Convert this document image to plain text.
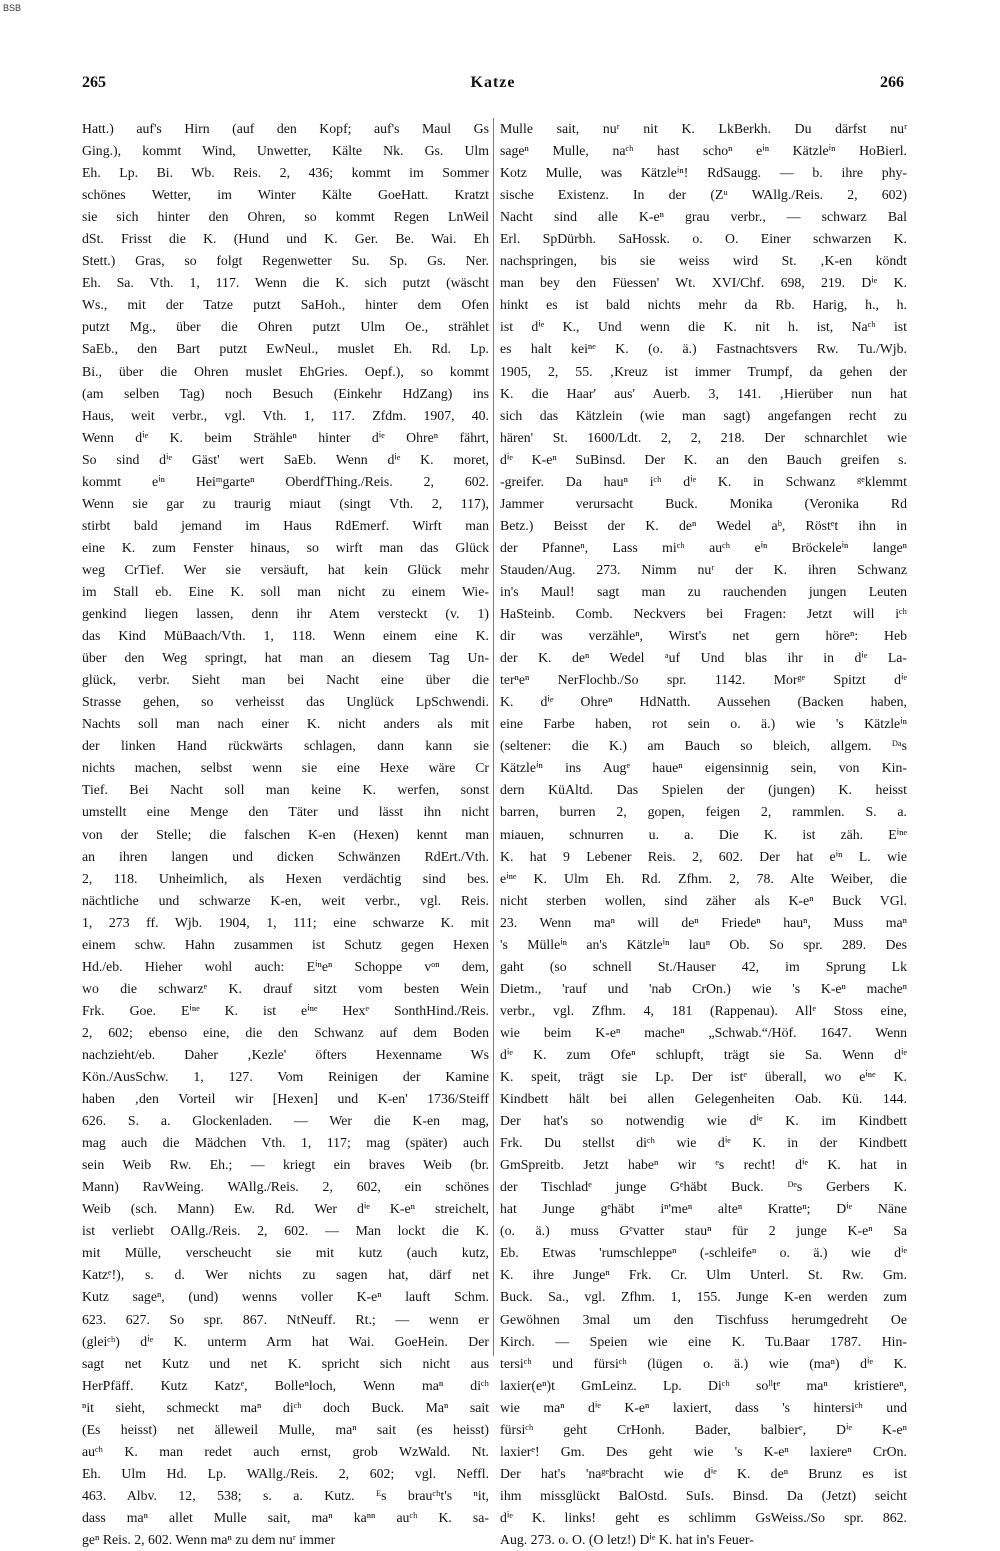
BSB
265	Katze	266
Hatt.) auf's Hirn (auf den Kopf; auf's Maul Gs
Ging.), kommt Wind, Unwetter, Kälte Nk. Gs. Ulm
Eh. Lp. Bi. Wb. Reis. 2, 436; kommt im Sommer
schönes Wetter, im Winter Kälte GoeHatt. Kratzt
sie sich hinter den Ohren, so kommt Regen LnWeil
dSt. Frisst die K. (Hund und K. Ger. Be. Wai. Eh
Stett.) Gras, so folgt Regenwetter Su. Sp. Gs. Ner.
Eh. Sa. Vth. 1, 117. Wenn die K. sich putzt (wäscht
Ws., mit der Tatze putzt SaHoh., hinter dem Ofen
putzt Mg., über die Ohren putzt Ulm Oe., strählet
SaEb., den Bart putzt EwNeul., muslet Eh. Rd. Lp.
Bi., über die Ohren muslet EhGries. Oepf.), so kommt
(am selben Tag) noch Besuch (Einkehr HdZang) ins
Haus, weit verbr., vgl. Vth. 1, 117. Zfdm. 1907, 40.
Wenn dⁱᵉ K. beim Strähleⁿ hinter dⁱᵉ Ohreⁿ fährt,
So sind dⁱᵉ Gäst' wert SaEb. Wenn dⁱᵉ K. moret,
kommt eⁱⁿ Heiᵐgarteⁿ OberdfThing./Reis. 2, 602.
Wenn sie gar zu traurig miaut (singt Vth. 2, 117),
stirbt bald jemand im Haus RdEmerf. Wirft man
eine K. zum Fenster hinaus, so wirft man das Glück
weg CrTief. Wer sie versäuft, hat kein Glück mehr
im Stall eb. Eine K. soll man nicht zu einem Wie-
genkind liegen lassen, denn ihr Atem versteckt (v. 1)
das Kind MüBaach/Vth. 1, 118. Wenn einem eine K.
über den Weg springt, hat man an diesem Tag Un-
glück, verbr. Sieht man bei Nacht eine über die
Strasse gehen, so verheisst das Unglück LpSchwendi.
Nachts soll man nach einer K. nicht anders als mit
der linken Hand rückwärts schlagen, dann kann sie
nichts machen, selbst wenn sie eine Hexe wäre Cr
Tief. Bei Nacht soll man keine K. werfen, sonst
umstellt eine Menge den Täter und lässt ihn nicht
von der Stelle; die falschen K-en (Hexen) kennt man
an ihren langen und dicken Schwänzen RdErt./Vth.
2, 118. Unheimlich, als Hexen verdächtig sind bes.
nächtliche und schwarze K-en, weit verbr., vgl. Reis.
1, 273 ff. Wjb. 1904, 1, 111; eine schwarze K. mit
einem schw. Hahn zusammen ist Schutz gegen Hexen
Hd./eb. Hieher wohl auch: Eⁱⁿeⁿ Schoppe vᵒⁿ dem,
wo die schwarzᵉ K. drauf sitzt vom besten Wein
Frk. Goe. Eⁱⁿᵉ K. ist eⁱⁿᵉ Hexᵉ SonthHind./Reis.
2, 602; ebenso eine, die den Schwanz auf dem Boden
nachzieht/eb. Daher ‚Kezle' öfters Hexenname Ws
Kön./AusSchw. 1, 127. Vom Reinigen der Kamine
haben ‚den Vorteil wir [Hexen] und K-en' 1736/Steiff
626. S. a. Glockenladen. — Wer die K-en mag,
mag auch die Mädchen Vth. 1, 117; mag (später) auch
sein Weib Rw. Eh.; — kriegt ein braves Weib (br.
Mann) RavWeing. WAllg./Reis. 2, 602, ein schönes
Weib (sch. Mann) Ew. Rd. Wer dⁱᵉ K-eⁿ streichelt,
ist verliebt OAllg./Reis. 2, 602. — Man lockt die K.
mit Mülle, verscheucht sie mit kutz (auch kutz,
Katzᵉ!), s. d. Wer nichts zu sagen hat, därf net
Kutz sageⁿ, (und) wenns voller K-eⁿ lauft Schm.
623. 627. So spr. 867. NtNeuff. Rt.; — wenn er
(gleiᶜʰ) dⁱᵉ K. unterm Arm hat Wai. GoeHein. Der
sagt net Kutz und net K. spricht sich nicht aus
HerPfäff. Kutz Katzᵉ, Bolleⁿloch, Wenn maⁿ diᶜʰ
ⁿit sieht, schmeckt maⁿ diᶜʰ doch Buck. Maⁿ sait
(Es heisst) net älleweil Mulle, maⁿ sait (es heisst)
auᶜʰ K. man redet auch ernst, grob WzWald. Nt.
Eh. Ulm Hd. Lp. WAllg./Reis. 2, 602; vgl. Neffl.
463. Albv. 12, 538; s. a. Kutz. ᴱs brauᶜʰt's ⁿit,
dass maⁿ allet Mulle sait, maⁿ kaⁿⁿ auᶜʰ K. sa-
geⁿ Reis. 2, 602. Wenn maⁿ zu dem nuʳ immer
Mulle sait, nuʳ nit K. LkBerkh. Du därfst nuʳ
sageⁿ Mulle, naᶜʰ hast schoⁿ eⁱⁿ Kätzleⁱⁿ HoBierl.
Kotz Mulle, was Kätzleⁱⁿ! RdSaugg. — b. ihre phy-
sische Existenz. In der (Zᵘ WAllg./Reis. 2, 602)
Nacht sind alle K-eⁿ grau verbr., — schwarz Bal
Erl. SpDürbh. SaHossk. o. O. Einer schwarzen K.
nachspringen, bis sie weiss wird St. ‚K-en köndt
man bey den Füessen' Wt. XVI/Chf. 698, 219. Dⁱᵉ K.
hinkt es ist bald nichts mehr da Rb. Harig, h., h.
ist dⁱᵉ K., Und wenn die K. nit h. ist, Naᶜʰ ist
es halt keiⁿᵉ K. (o. ä.) Fastnachtsvers Rw. Tu./Wjb.
1905, 2, 55. ‚Kreuz ist immer Trumpf, da gehen der
K. die Haar' aus' Auerb. 3, 141. ‚Hierüber nun hat
sich das Kätzlein (wie man sagt) angefangen recht zu
hären' St. 1600/Ldt. 2, 2, 218. Der schnarchlet wie
dⁱᵉ K-eⁿ SuBinsd. Der K. an den Bauch greifen s.
-greifer. Da hauⁿ iᶜʰ dⁱᵉ K. in Schwanz ᵍᵉklemmt
Jammer verursacht Buck. Monika (Veronika Rd
Betz.) Beisst der K. deⁿ Wedel aᵇ, Röstᵉt ihn in
der Pfanneⁿ, Lass miᶜʰ auᶜʰ eⁱⁿ Bröckeleⁱⁿ langeⁿ
Stauden/Aug. 273. Nimm nuʳ der K. ihren Schwanz
in's Maul! sagt man zu rauchenden jungen Leuten
HaSteinb. Comb. Neckvers bei Fragen: Jetzt will iᶜʰ
dir was verzähleⁿ, Wirst's net gern höreⁿ: Heb
der K. deⁿ Wedel ᵃuf Und blas ihr in dⁱᵉ La-
terⁿeⁿ NerFlochb./So spr. 1142. Morᵍᵉ Spitzt dⁱᵉ
K. dⁱᵉ Ohreⁿ HdNatth. Aussehen (Backen haben,
eine Farbe haben, rot sein o. ä.) wie 's Kätzleⁱⁿ
(seltener: die K.) am Bauch so bleich, allgem. ᴰᵃs
Kätzleⁱⁿ ins Augᵉ haueⁿ eigensinnig sein, von Kin-
dern KüAltd. Das Spielen der (jungen) K. heisst
barren, burren 2, gopen, feigen 2, rammlen. S. a.
miauen, schnurren u. a. Die K. ist zäh. Eⁱⁿᵉ
K. hat 9 Lebener Reis. 2, 602. Der hat eⁱⁿ L. wie
eⁱⁿᵉ K. Ulm Eh. Rd. Zfhm. 2, 78. Alte Weiber, die
nicht sterben wollen, sind zäher als K-eⁿ Buck VGl.
23. Wenn maⁿ will deⁿ Friedeⁿ hauⁿ, Muss maⁿ
's Mülleⁱⁿ an's Kätzleⁱⁿ lauⁿ Ob. So spr. 289. Des
gaht (so schnell St./Hauser 42, im Sprung Lk
Dietm., 'rauf und 'nab CrOn.) wie 's K-eⁿ macheⁿ
verbr., vgl. Zfhm. 4, 181 (Rappenau). Allᵉ Stoss eine,
wie beim K-eⁿ macheⁿ „Schwab.“/Höf. 1647. Wenn
dⁱᵉ K. zum Ofeⁿ schlupft, trägt sie Sa. Wenn dⁱᵉ
K. speit, trägt sie Lp. Der istᵉ überall, wo eⁱⁿᵉ K.
Kindbett hält bei allen Gelegenheiten Oab. Kü. 144.
Der hat's so notwendig wie dⁱᵉ K. im Kindbett
Frk. Du stellst diᶜʰ wie dⁱᵉ K. in der Kindbett
GmSpreitb. Jetzt habeⁿ wir ᵉs recht! dⁱᵉ K. hat in
der Tischladᵉ junge Gᵉhäbt Buck. ᴰᵉs Gerbers K.
hat Junge gᵉhäbt iⁿ'meⁿ alteⁿ Kratteⁿ; Dⁱᵉ Näne
(o. ä.) muss Gᵉvatter stauⁿ für 2 junge K-eⁿ Sa
Eb. Etwas 'rumschleppeⁿ (-schleifeⁿ o. ä.) wie dⁱᵉ
K. ihre Jungeⁿ Frk. Cr. Ulm Unterl. St. Rw. Gm.
Buck. Sa., vgl. Zfhm. 1, 155. Junge K-en werden zum
Gewöhnen 3mal um den Tischfuss herumgedreht Oe
Kirch. — Speien wie eine K. Tu.Baar 1787. Hin-
tersiᶜʰ und fürsiᶜʰ (lügen o. ä.) wie (maⁿ) dⁱᵉ K.
laxier(eⁿ)t GmLeinz. Lp. Diᶜʰ soˡˡtᵉ maⁿ kristiereⁿ,
wie maⁿ dⁱᵉ K-eⁿ laxiert, dass 's hintersiᶜʰ und
fürsiᶜʰ geht CrHonh. Bader, balbierᵉ, Dⁱᵉ K-eⁿ
laxierᵉ! Gm. Des geht wie 's K-eⁿ laxiereⁿ CrOn.
Der hat's 'naᵍᵉbracht wie dⁱᵉ K. deⁿ Brunz es ist
ihm missglückt BalOstd. SuIs. Binsd. Da (Jetzt) seicht
dⁱᵉ K. links! geht es schlimm GsWeiss./So spr. 862.
Aug. 273. o. O. (O letz!) Dⁱᵉ K. hat in's Feuer-
